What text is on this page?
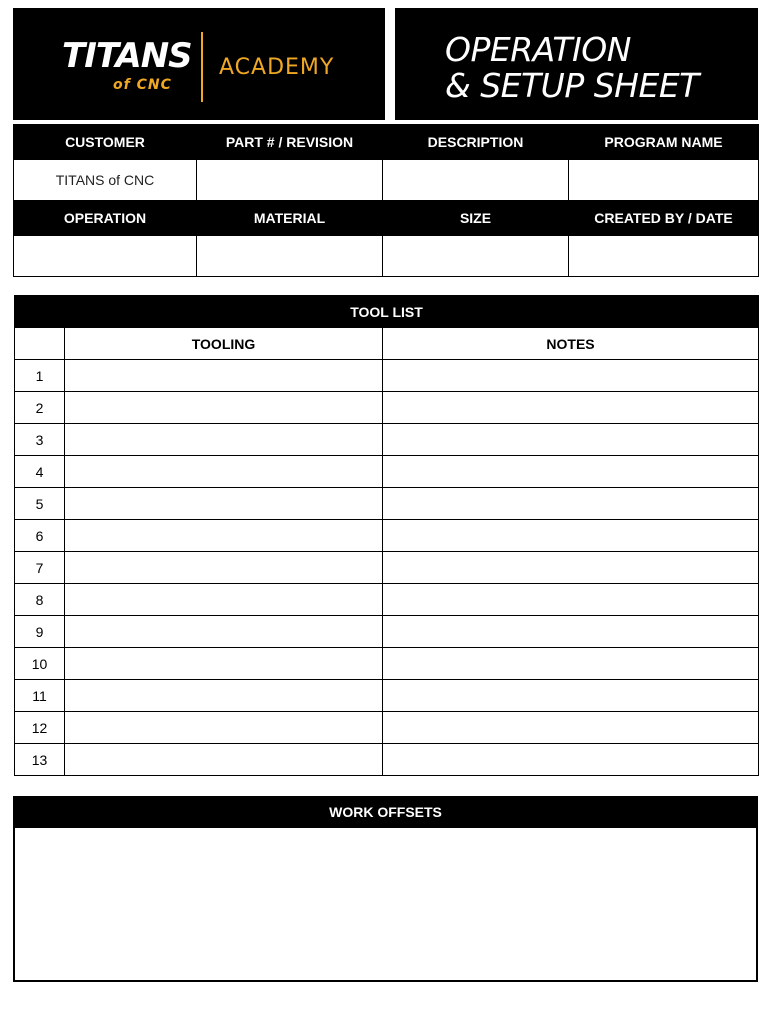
TITANS
of CNC
ACADEMY	OPERATION
& SETUP SHEET
CUSTOMER	PART # / REVISION	DESCRIPTION	PROGRAM NAME
TITANS of CNC			
OPERATION	MATERIAL	SIZE	CREATED BY / DATE

TOOL LIST		
	TOOLING	NOTES
1		
2		
3		
4		
5		
6		
7		
8		
9		
10		
11		
12		
13		
WORK OFFSETS
